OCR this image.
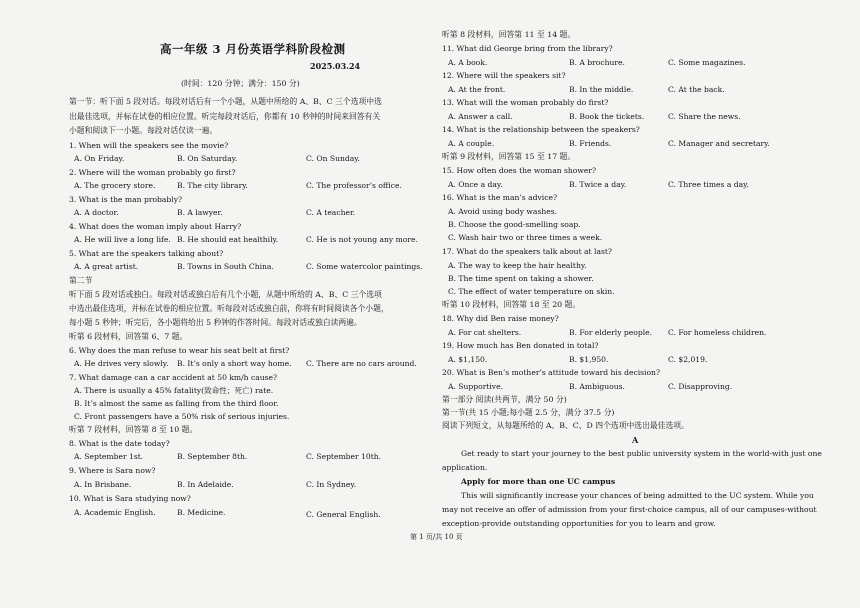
高一年级 3 月份英语学科阶段检测
2025.03.24
(时间：120 分钟；满分：150 分)
第一节：听下面 5 段对话。每段对话后有一个小题，从题中所给的 A、B、C 三个选项中选
出最佳选项，并标在试卷的相应位置。听完每段对话后，你都有 10 秒钟的时间来回答有关
小题和阅读下一小题。每段对话仅读一遍。
1. When will the speakers see the movie?
A. On Friday.	B. On Saturday.	C. On Sunday.
2. Where will the woman probably go first?
A. The grocery store.	B. The city library.	C. The professor’s office.
3. What is the man probably?
A. A doctor.	B. A lawyer.	C. A teacher.
4. What does the woman imply about Harry?
A. He will live a long life. B. He should eat healthily.	C. He is not young any more.
5. What are the speakers talking about?
A. A great artist.	B. Towns in South China.	C. Some watercolor paintings.
第二节
听下面 5 段对话或独白。每段对话或独白后有几个小题，从题中所给的 A、B、C 三个选项
中选出最佳选项，并标在试卷的相应位置。听每段对话或独白前，你将有时间阅读各个小题，
每小题 5 秒钟；听完后，各小题将给出 5 秒钟的作答时间。每段对话或独白读两遍。
听第 6 段材料，回答第 6、7 题。
6. Why does the man refuse to wear his seat belt at first?
A. He drives very slowly. B. It’s only a short way home. C. There are no cars around.
7. What damage can a car accident at 50 km/h cause?
A. There is usually a 45% fatality(致命性；死亡) rate.
B. It’s almost the same as falling from the third floor.
C. Front passengers have a 50% risk of serious injuries.
听第 7 段材料，回答第 8 至 10 题。
8. What is the date today?
A. September 1st.	B. September 8th.	C. September 10th.
9. Where is Sara now?
A. In Brisbane.	B. In Adelaide.	C. In Sydney.
10. What is Sara studying now?
A. Academic English.	B. Medicine.	C. General English.
听第 8 段材料，回答第 11 至 14 题。
11. What did George bring from the library?
A. A book.	B. A brochure.	C. Some magazines.
12. Where will the speakers sit?
A. At the front.	B. In the middle.	C. At the back.
13. What will the woman probably do first?
A. Answer a call.	B. Book the tickets.	C. Share the news.
14. What is the relationship between the speakers?
A. A couple.	B. Friends.	C. Manager and secretary.
听第 9 段材料，回答第 15 至 17 题。
15. How often does the woman shower?
A. Once a day.	B. Twice a day.	C. Three times a day.
16. What is the man’s advice?
A. Avoid using body washes.
B. Choose the good-smelling soap.
C. Wash hair two or three times a week.
17. What do the speakers talk about at last?
A. The way to keep the hair healthy.
B. The time spent on taking a shower.
C. The effect of water temperature on skin.
听第 10 段材料，回答第 18 至 20 题。
18. Why did Ben raise money?
A. For cat shelters.	B. For elderly people. C. For homeless children.
19. How much has Ben donated in total?
A. $1,150.	B. $1,950.	C. $2,019.
20. What is Ben’s mother’s attitude toward his decision?
A. Supportive.	B. Ambiguous.	C. Disapproving.
第一部分 阅读(共两节，满分 50 分)
第一节(共 15 小题;每小题 2.5 分，满分 37.5 分)
阅读下列短文，从每题所给的 A、B、C、D 四个选项中选出最佳选项。
A
Get ready to start your journey to the best public university system in the world-with just one
application.
Apply for more than one UC campus
This will significantly increase your chances of being admitted to the UC system. While you
may not receive an offer of admission from your first-choice campus, all of our campuses-without
exception-provide outstanding opportunities for you to learn and grow.
第 1 页/共 10 页
